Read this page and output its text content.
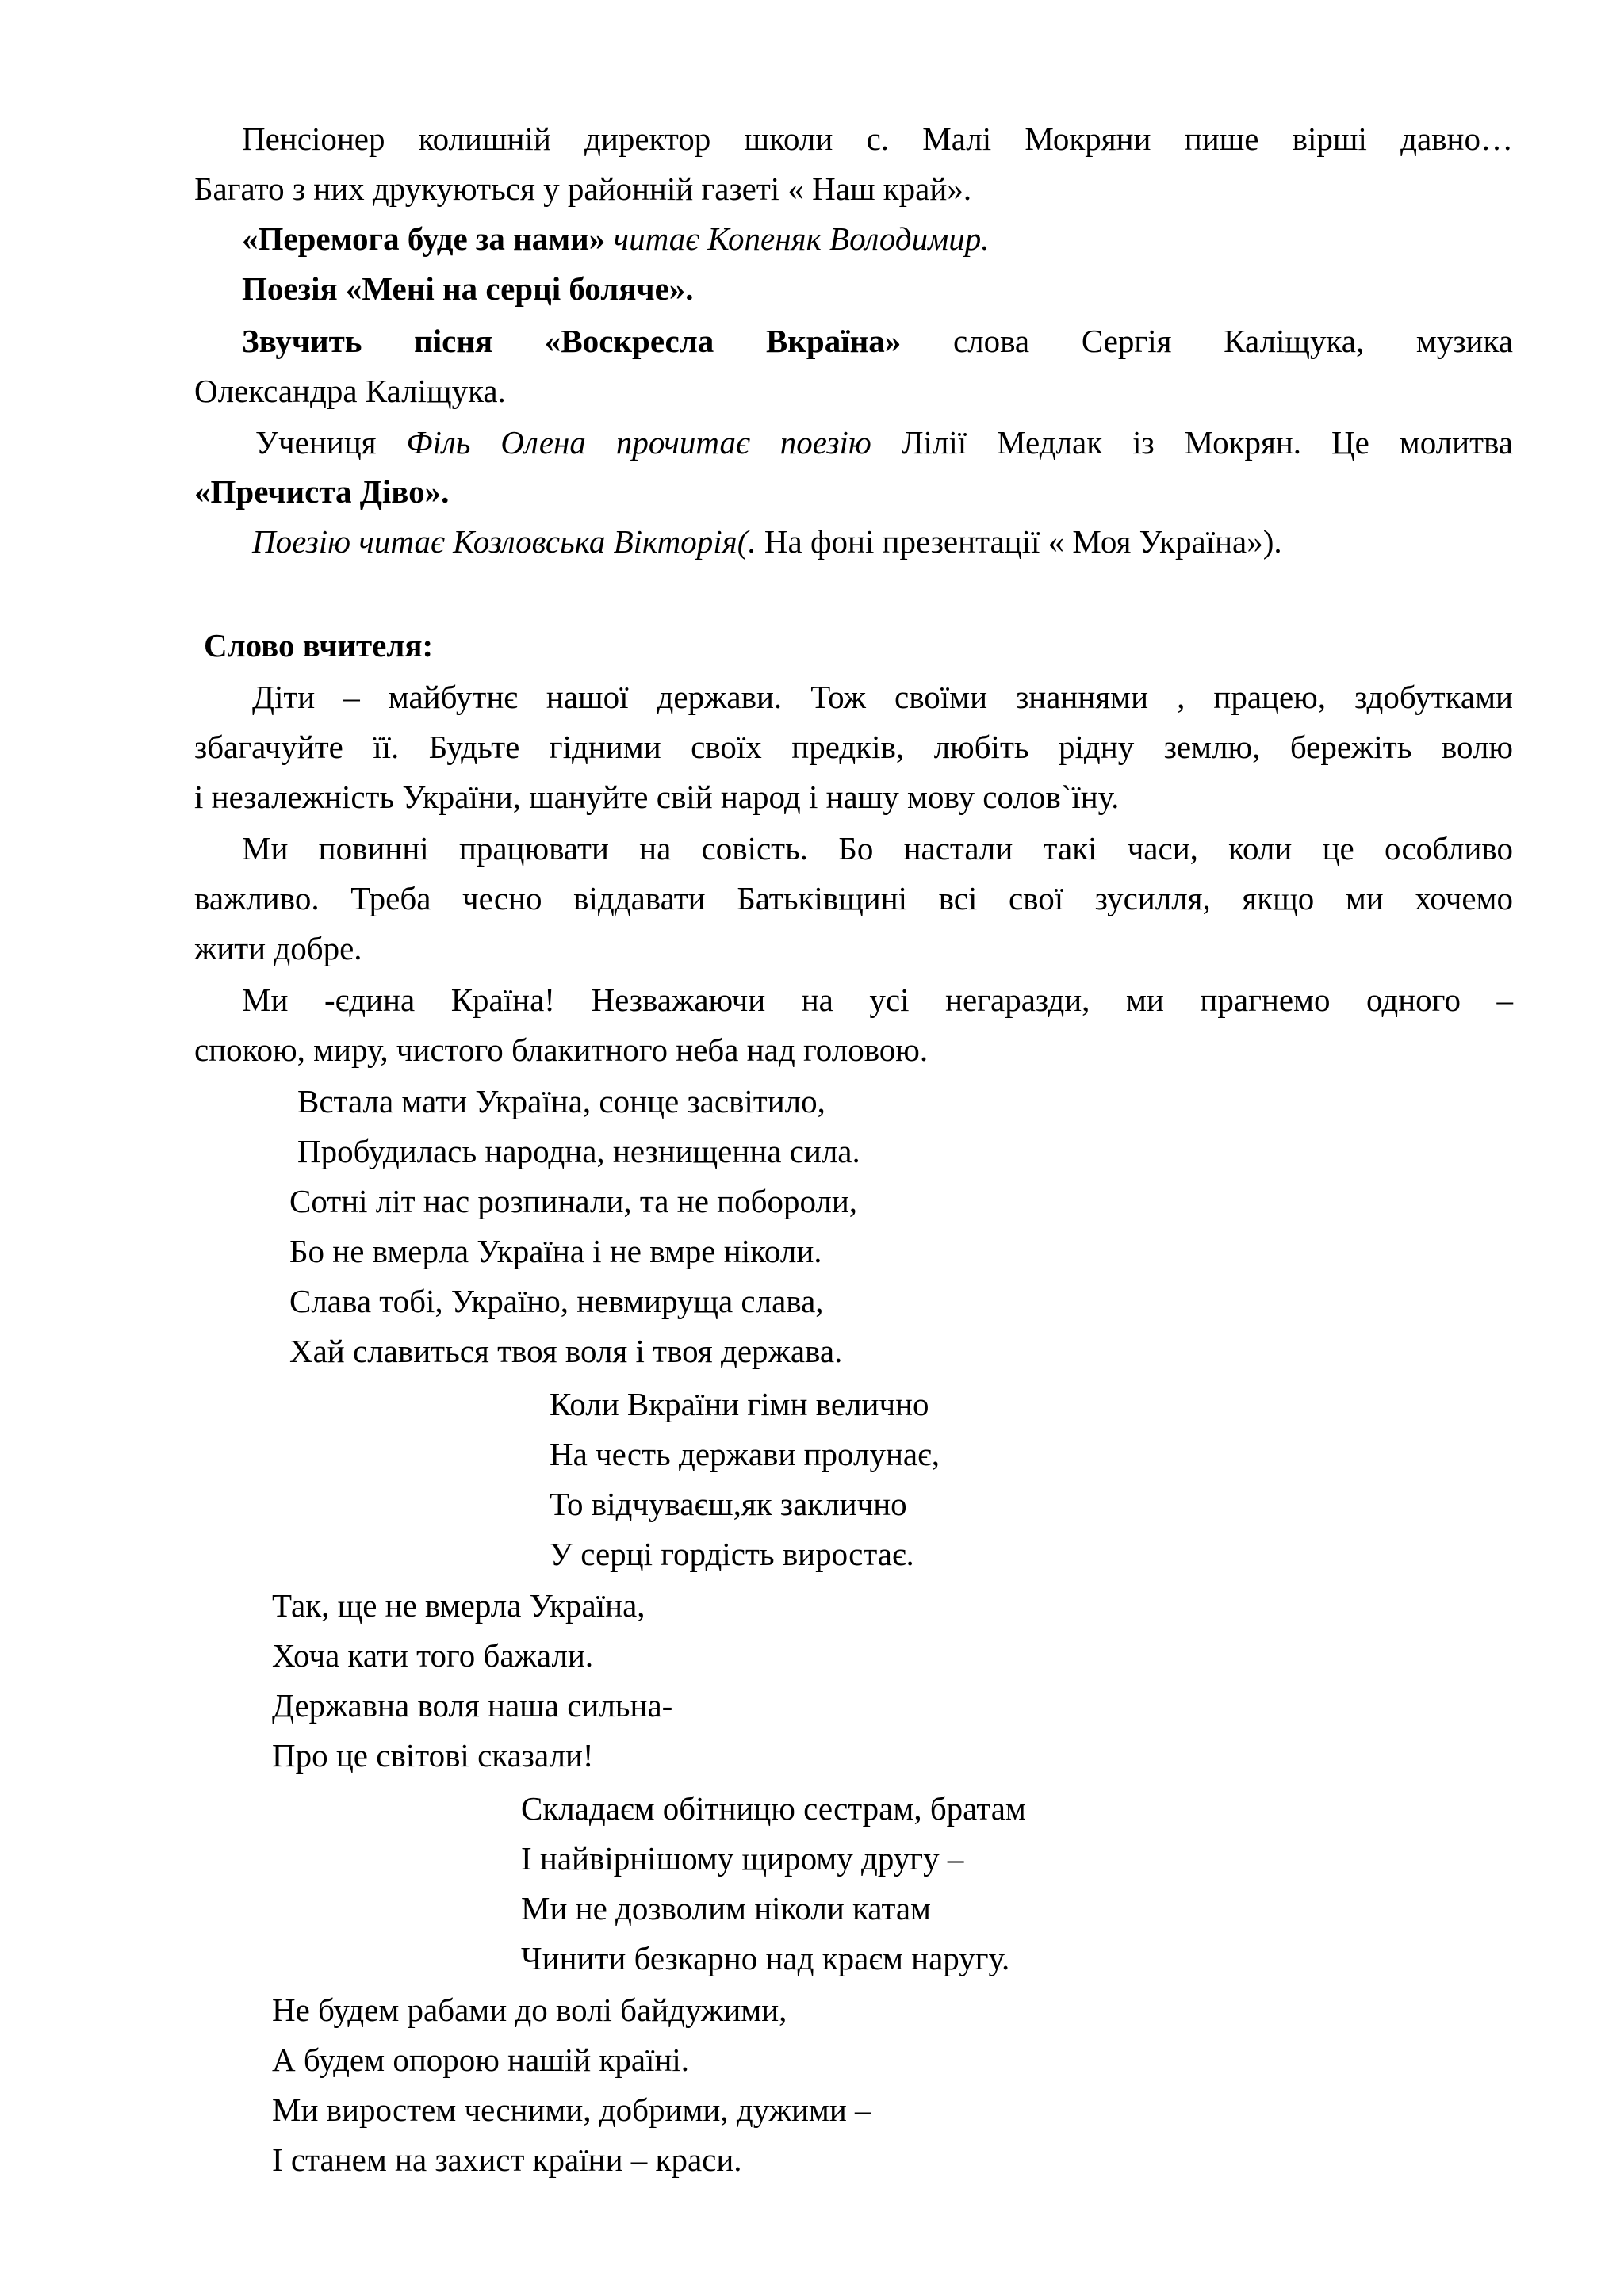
Пенсіонер колишній директор школи с. Малі Мокряни пише вірші давно…
Багато з них друкуються у районній газеті « Наш край».
«Перемога буде за нами» читає Копеняк Володимир.
Поезія «Мені на серці боляче».
Звучить пісня «Воскресла Вкраїна» слова Сергія Каліщука, музика
Олександра Каліщука.
Учениця Філь Олена прочитає поезію Лілії Медлак із Мокрян. Це молитва
«Пречиста Діво».
Поезію читає Козловська Вікторія(. На фоні презентації « Моя Україна»).
Слово вчителя:
Діти – майбутнє нашої держави. Тож своїми знаннями , працею, здобутками
збагачуйте її. Будьте гідними своїх предків, любіть рідну землю, бережіть волю
і незалежність України, шануйте свій народ і нашу мову солов`їну.
Ми повинні працювати на совість. Бо настали такі часи, коли це особливо
важливо. Треба чесно віддавати Батьківщині всі свої зусилля, якщо ми хочемо
жити добре.
Ми -єдина Країна! Незважаючи на усі негаразди, ми прагнемо одного –
спокою, миру, чистого блакитного неба над головою.
Встала мати Україна, сонце засвітило,
Пробудилась народна, незнищенна сила.
Сотні літ нас розпинали, та не побороли,
Бо не вмерла Україна і не вмре ніколи.
Слава тобі, Україно, невмируща слава,
Хай славиться твоя воля і твоя держава.
Коли Вкраїни гімн велично
На честь держави пролунає,
То відчуваєш,як заклично
У серці гордість виростає.
Так, ще не вмерла Україна,
Хоча кати того бажали.
Державна воля наша сильна-
Про це світові сказали!
Складаєм обітницю сестрам, братам
І найвірнішому щирому другу –
Ми не дозволим ніколи катам
Чинити безкарно над краєм наругу.
Не будем рабами до волі байдужими,
А будем опорою нашій країні.
Ми виростем чесними, добрими, дужими –
І станем на захист країни – краси.
